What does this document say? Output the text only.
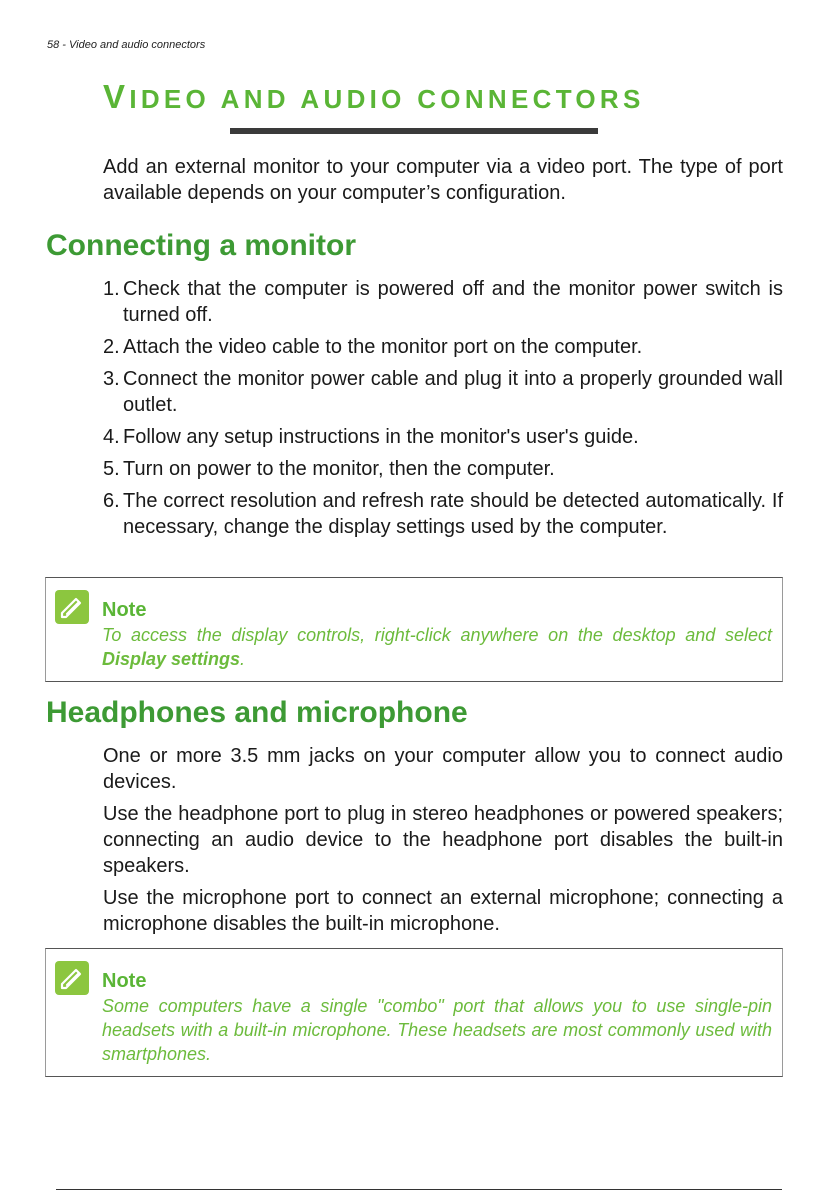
58 - Video and audio connectors
VIDEO AND AUDIO CONNECTORS

Add an external monitor to your computer via a video port. The type of port available depends on your computer’s configuration.

Connecting a monitor
1. Check that the computer is powered off and the monitor power switch is turned off.
2. Attach the video cable to the monitor port on the computer.
3. Connect the monitor power cable and plug it into a properly grounded wall outlet.
4. Follow any setup instructions in the monitor's user's guide.
5. Turn on power to the monitor, then the computer.
6. The correct resolution and refresh rate should be detected automatically. If necessary, change the display settings used by the computer.
Note

To access the display controls, right-click anywhere on the desktop and select Display settings.

Headphones and microphone

One or more 3.5 mm jacks on your computer allow you to connect audio devices.

Use the headphone port to plug in stereo headphones or powered speakers; connecting an audio device to the headphone port disables the built-in speakers.

Use the microphone port to connect an external microphone; connecting a microphone disables the built-in microphone.

Note

Some computers have a single "combo" port that allows you to use single-pin headsets with a built-in microphone. These headsets are most commonly used with smartphones.
